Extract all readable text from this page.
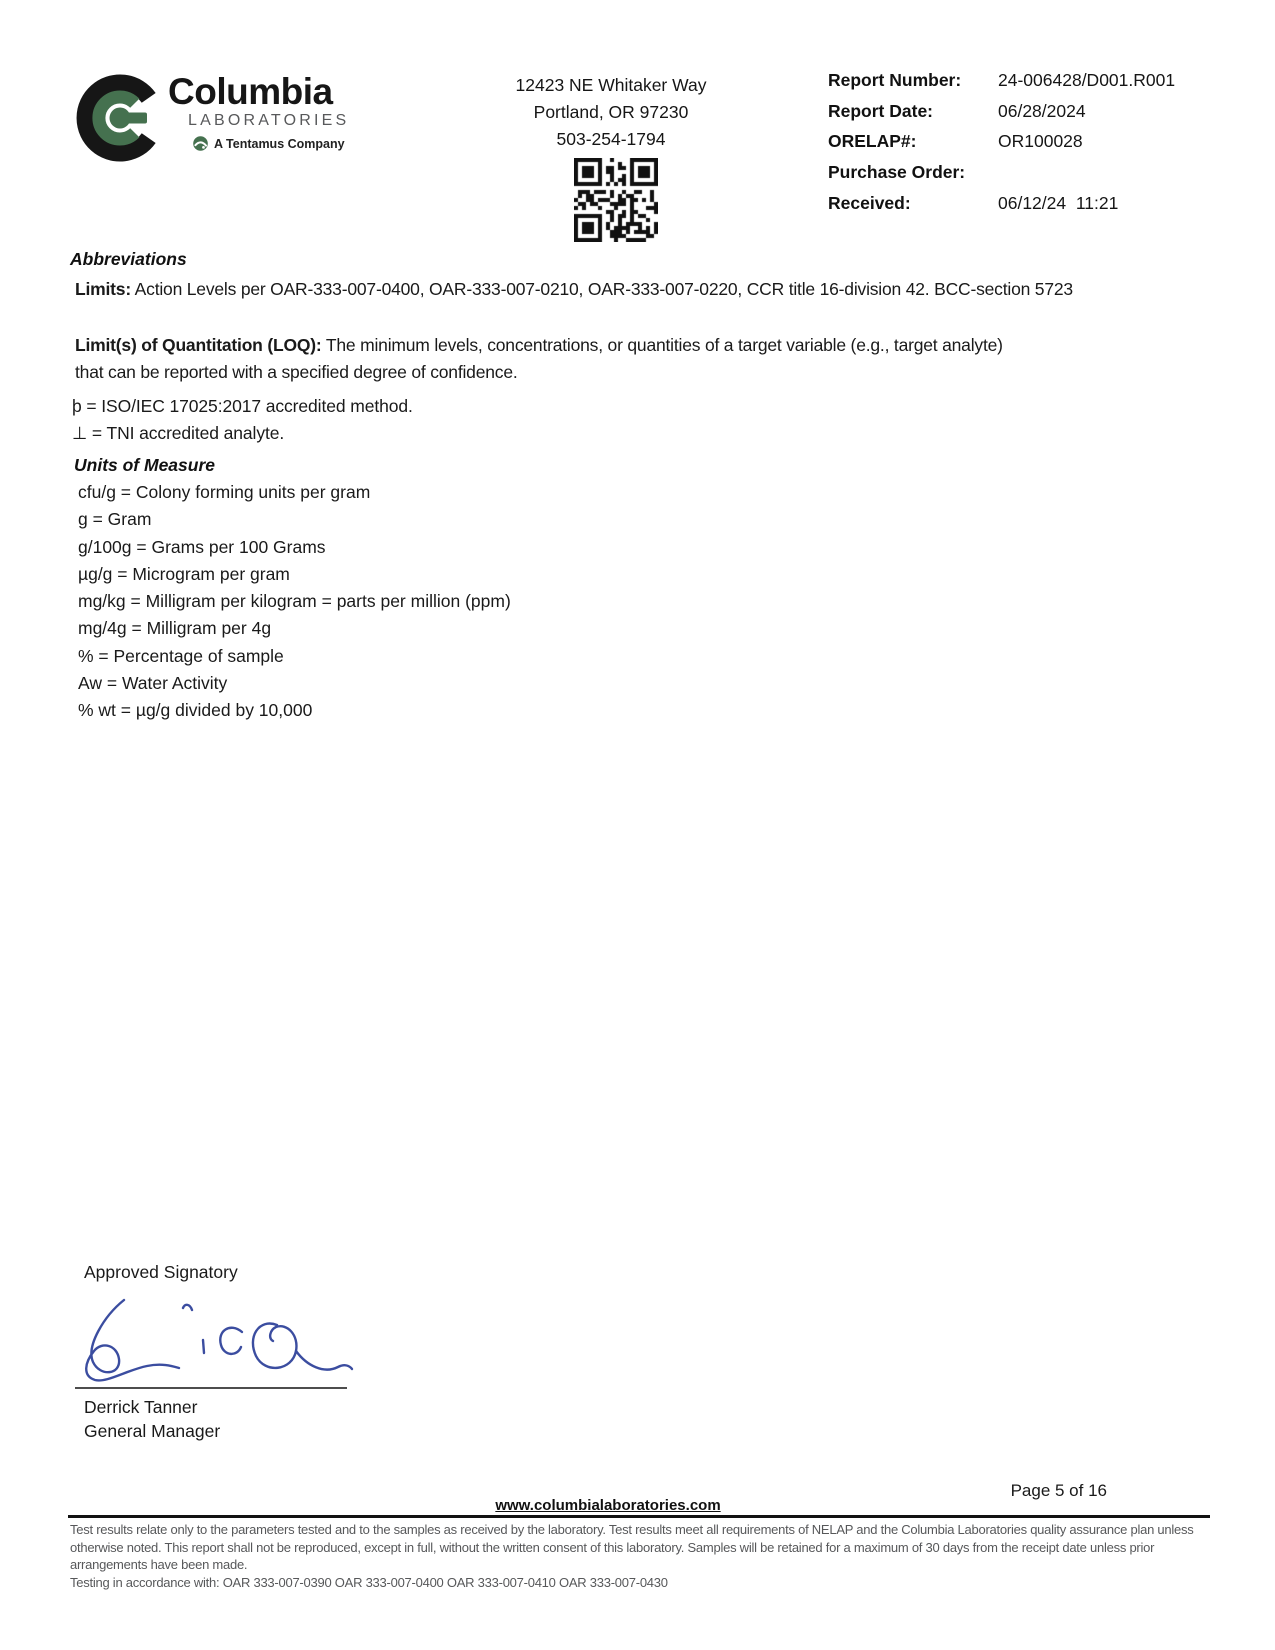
Columbia
LABORATORIES
A Tentamus Company
12423 NE Whitaker Way
Portland, OR 97230
503-254-1794
Report Number:	24-006428/D001.R001
Report Date:	06/28/2024
ORELAP#:	OR100028
Purchase Order:
Received:	06/12/24  11:21
Abbreviations
Limits: Action Levels per OAR-333-007-0400, OAR-333-007-0210, OAR-333-007-0220, CCR title 16-division 42. BCC-section 5723
Limit(s) of Quantitation (LOQ): The minimum levels, concentrations, or quantities of a target variable (e.g., target analyte) that can be reported with a specified degree of confidence.
þ = ISO/IEC 17025:2017 accredited method.
⊥ = TNI accredited analyte.
Units of Measure
cfu/g = Colony forming units per gram
g = Gram
g/100g = Grams per 100 Grams
µg/g = Microgram per gram
mg/kg = Milligram per kilogram = parts per million (ppm)
mg/4g = Milligram per 4g
% = Percentage of sample
Aw = Water Activity
% wt = µg/g divided by 10,000
Approved Signatory
Derrick Tanner
General Manager
Page 5 of 16
www.columbialaboratories.com

Test results relate only to the parameters tested and to the samples as received by the laboratory. Test results meet all requirements of NELAP and the Columbia Laboratories quality assurance plan unless otherwise noted. This report shall not be reproduced, except in full, without the written consent of this laboratory. Samples will be retained for a maximum of 30 days from the receipt date unless prior arrangements have been made.

Testing in accordance with: OAR 333-007-0390 OAR 333-007-0400 OAR 333-007-0410 OAR 333-007-0430
